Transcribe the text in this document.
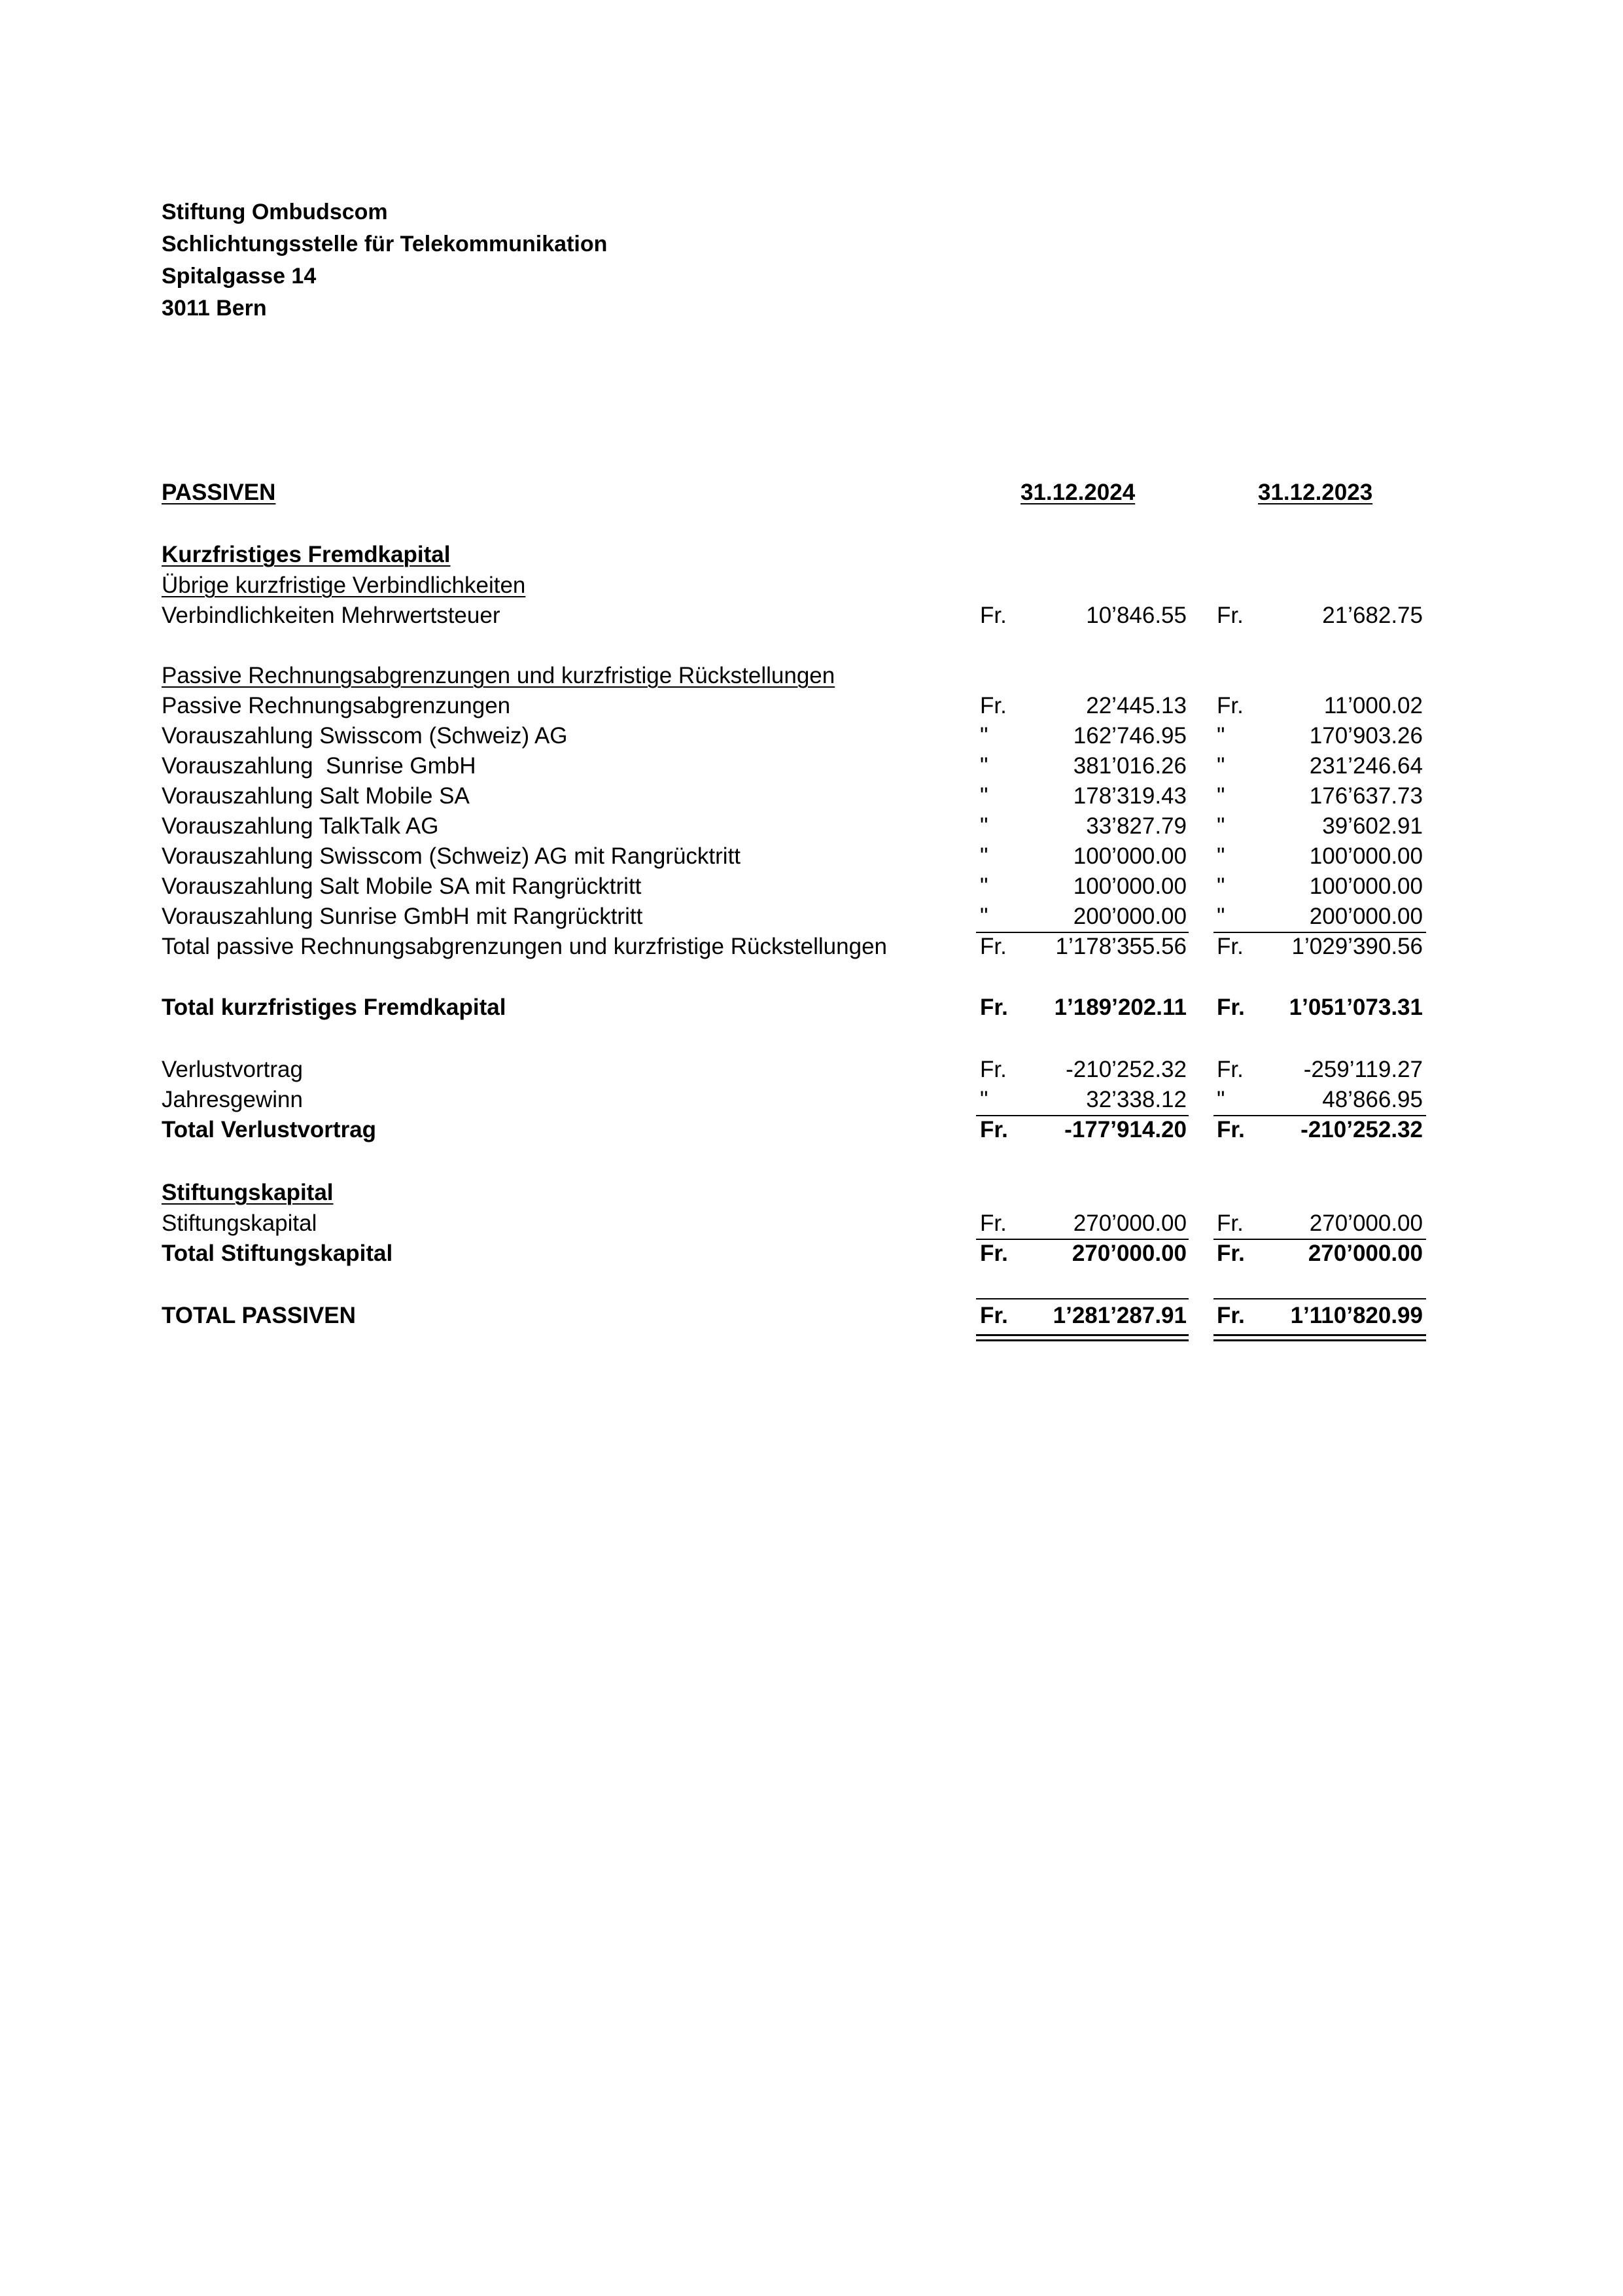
Stiftung Ombudscom
Schlichtungsstelle für Telekommunikation
Spitalgasse 14
3011 Bern
PASSIVEN	31.12.2024	31.12.2023
Kurzfristiges Fremdkapital
Übrige kurzfristige Verbindlichkeiten
Verbindlichkeiten Mehrwertsteuer	Fr.	10’846.55 Fr.	21’682.75
Passive Rechnungsabgrenzungen und kurzfristige Rückstellungen
Passive Rechnungsabgrenzungen	Fr.	22’445.13 Fr.	11’000.02
Vorauszahlung Swisscom (Schweiz) AG	"	162’746.95 "	170’903.26
Vorauszahlung  Sunrise GmbH	"	381’016.26 "	231’246.64
Vorauszahlung Salt Mobile SA	"	178’319.43 "	176’637.73
Vorauszahlung TalkTalk AG	"	33’827.79 "	39’602.91
Vorauszahlung Swisscom (Schweiz) AG mit Rangrücktritt	"	100’000.00 "	100’000.00
Vorauszahlung Salt Mobile SA mit Rangrücktritt	"	100’000.00 "	100’000.00
Vorauszahlung Sunrise GmbH mit Rangrücktritt	"	200’000.00 "	200’000.00
Total passive Rechnungsabgrenzungen und kurzfristige Rückstellungen	Fr. 1’178’355.56 Fr. 1’029’390.56
Total kurzfristiges Fremdkapital	Fr. 1’189’202.11 Fr. 1’051’073.31
Verlustvortrag	Fr.	-210’252.32 Fr.	-259’119.27
Jahresgewinn	"	32’338.12 "	48’866.95
Total Verlustvortrag	Fr. -177’914.20 Fr. -210’252.32
Stiftungskapital
Stiftungskapital	Fr.	270’000.00 Fr.	270’000.00
Total Stiftungskapital	Fr.	270’000.00 Fr.	270’000.00
TOTAL PASSIVEN	Fr. 1’281’287.91 Fr. 1’110’820.99
